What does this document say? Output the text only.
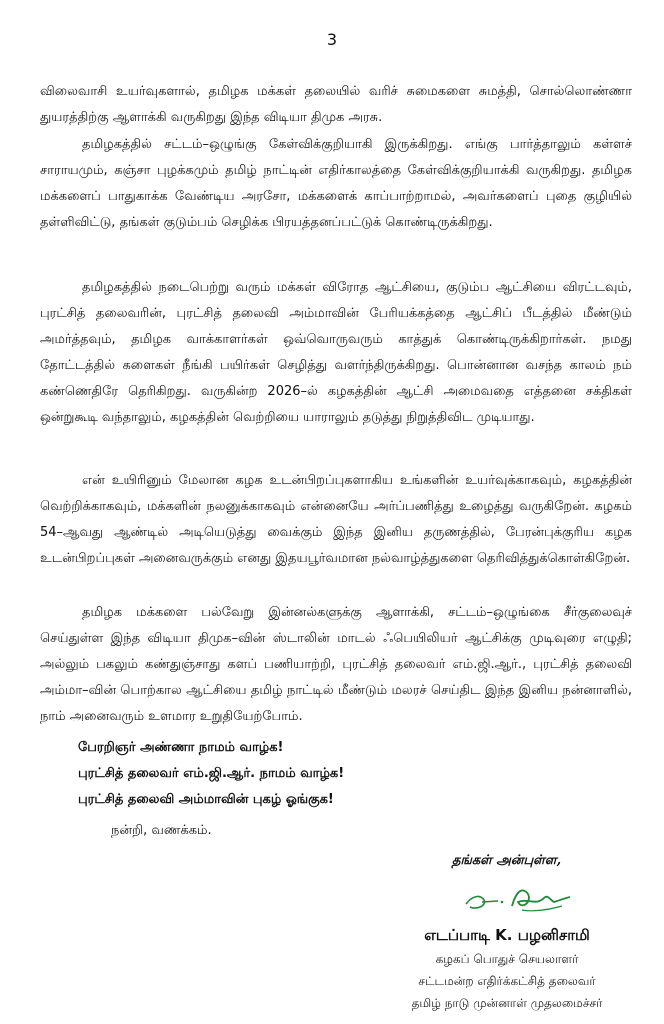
3

விலைவாசி உயர்வுகளால், தமிழக மக்கள் தலையில் வரிச் சுமைகளை சுமத்தி, சொல்லொண்ணா துயரத்திற்கு ஆளாக்கி வருகிறது இந்த விடியா திமுக அரசு.

தமிழகத்தில் சட்டம்–ஒழுங்கு கேள்விக்குறியாகி இருக்கிறது. எங்கு பார்த்தாலும் கள்ளச் சாராயமும், கஞ்சா புழக்கமும் தமிழ் நாட்டின் எதிர்காலத்தை கேள்விக்குறியாக்கி வருகிறது. தமிழக மக்களைப் பாதுகாக்க வேண்டிய அரசோ, மக்களைக் காப்பாற்றாமல், அவர்களைப் புதை குழியில் தள்ளிவிட்டு, தங்கள் குடும்பம் செழிக்க பிரயத்தனப்பட்டுக் கொண்டிருக்கிறது.

தமிழகத்தில் நடைபெற்று வரும் மக்கள் விரோத ஆட்சியை, குடும்ப ஆட்சியை விரட்டவும், புரட்சித் தலைவரின், புரட்சித் தலைவி அம்மாவின் பேரியக்கத்தை ஆட்சிப் பீடத்தில் மீண்டும் அமர்த்தவும், தமிழக வாக்காளர்கள் ஒவ்வொருவரும் காத்துக் கொண்டிருக்கிறார்கள். நமது தோட்டத்தில் களைகள் நீங்கி பயிர்கள் செழித்து வளர்ந்திருக்கிறது. பொன்னான வசந்த காலம் நம் கண்ணெதிரே தெரிகிறது. வருகின்ற 2026–ல் கழகத்தின் ஆட்சி அமைவதை எத்தனை சக்திகள் ஒன்றுகூடி வந்தாலும், கழகத்தின் வெற்றியை யாராலும் தடுத்து நிறுத்திவிட முடியாது.

என் உயிரினும் மேலான கழக உடன்பிறப்புகளாகிய உங்களின் உயர்வுக்காகவும், கழகத்தின் வெற்றிக்காகவும், மக்களின் நலனுக்காகவும் என்னையே அர்ப்பணித்து உழைத்து வருகிறேன். கழகம் 54–ஆவது ஆண்டில் அடியெடுத்து வைக்கும் இந்த இனிய தருணத்தில், பேரன்புக்குரிய கழக உடன்பிறப்புகள் அனைவருக்கும் எனது இதயபூர்வமான நல்வாழ்த்துகளை தெரிவித்துக்கொள்கிறேன்.

தமிழக மக்களை பல்வேறு இன்னல்களுக்கு ஆளாக்கி, சட்டம்–ஒழுங்கை சீர்குலைவுச் செய்துள்ள இந்த விடியா திமுக–வின் ஸ்டாலின் மாடல் ஃபெயிலியர் ஆட்சிக்கு முடிவுரை எழுதி; அல்லும் பகலும் கண்துஞ்சாது களப் பணியாற்றி, புரட்சித் தலைவர் எம்.ஜி.ஆர்., புரட்சித் தலைவி அம்மா–வின் பொற்கால ஆட்சியை தமிழ் நாட்டில் மீண்டும் மலரச் செய்திட இந்த இனிய நன்னாளில், நாம் அனைவரும் உளமார உறுதியேற்போம்.

பேரறிஞர் அண்ணா நாமம் வாழ்க!
புரட்சித் தலைவர் எம்.ஜி.ஆர். நாமம் வாழ்க!
புரட்சித் தலைவி அம்மாவின் புகழ் ஓங்குக!
நன்றி, வணக்கம்.
தங்கள் அன்புள்ள,
எடப்பாடி K. பழனிசாமி
கழகப் பொதுச் செயலாளர்
சட்டமன்ற எதிர்க்கட்சித் தலைவர்
தமிழ் நாடு முன்னாள் முதலமைச்சர்
